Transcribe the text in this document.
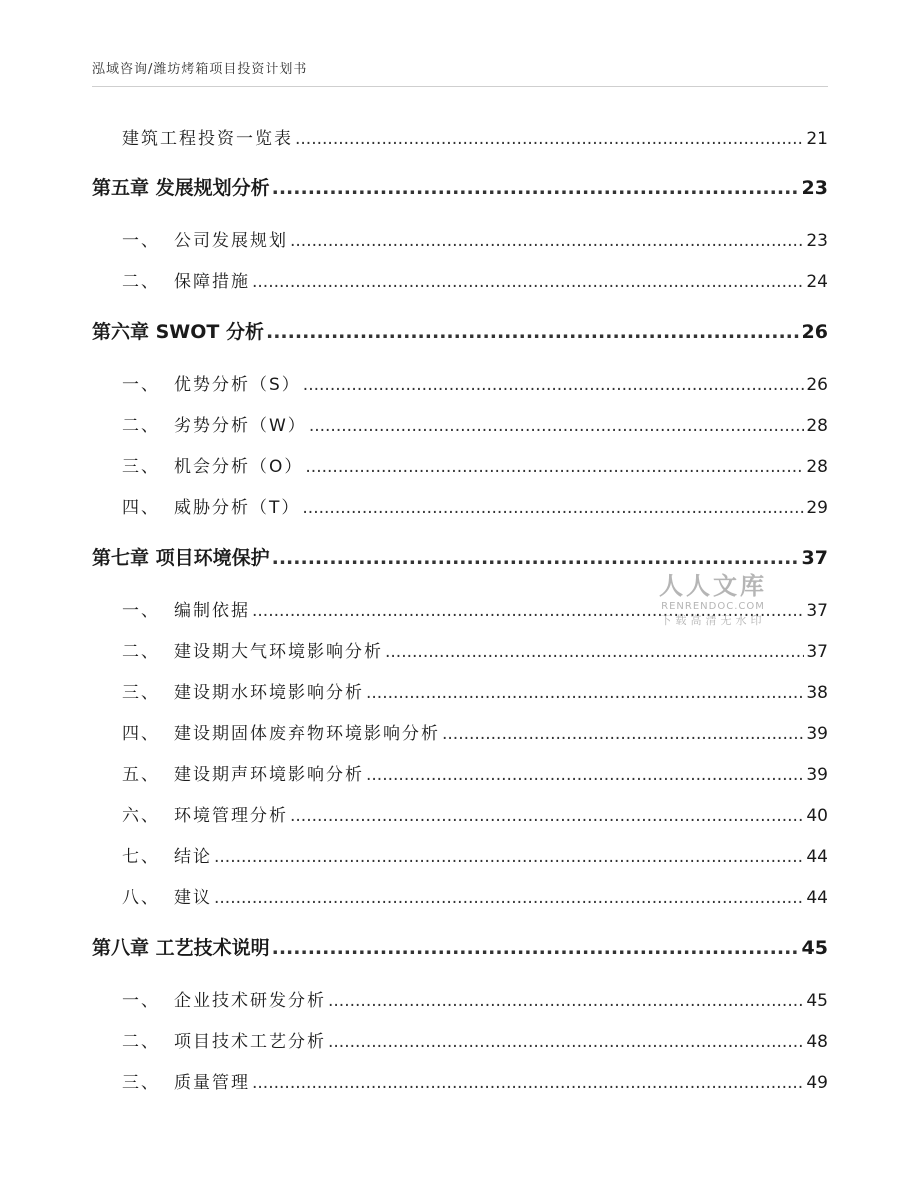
泓域咨询/潍坊烤箱项目投资计划书
建筑工程投资一览表 .....	21
第五章 发展规划分析 .....	23
一、 公司发展规划 .....	23
二、 保障措施 .....	24
第六章 SWOT 分析 .....	26
一、 优势分析（S） .....	26
二、 劣势分析（W） .....	28
三、 机会分析（O） .....	28
四、 威胁分析（T） .....	29
第七章 项目环境保护 .....	37
一、 编制依据 .....	37
二、 建设期大气环境影响分析 .....	37
三、 建设期水环境影响分析 .....	38
四、 建设期固体废弃物环境影响分析 .....	39
五、 建设期声环境影响分析 .....	39
六、 环境管理分析 .....	40
七、 结论 .....	44
八、 建议 .....	44
第八章 工艺技术说明 .....	45
一、 企业技术研发分析 .....	45
二、 项目技术工艺分析 .....	48
三、 质量管理 .....	49
人人文库
RENRENDOC.COM
下载高清无水印
